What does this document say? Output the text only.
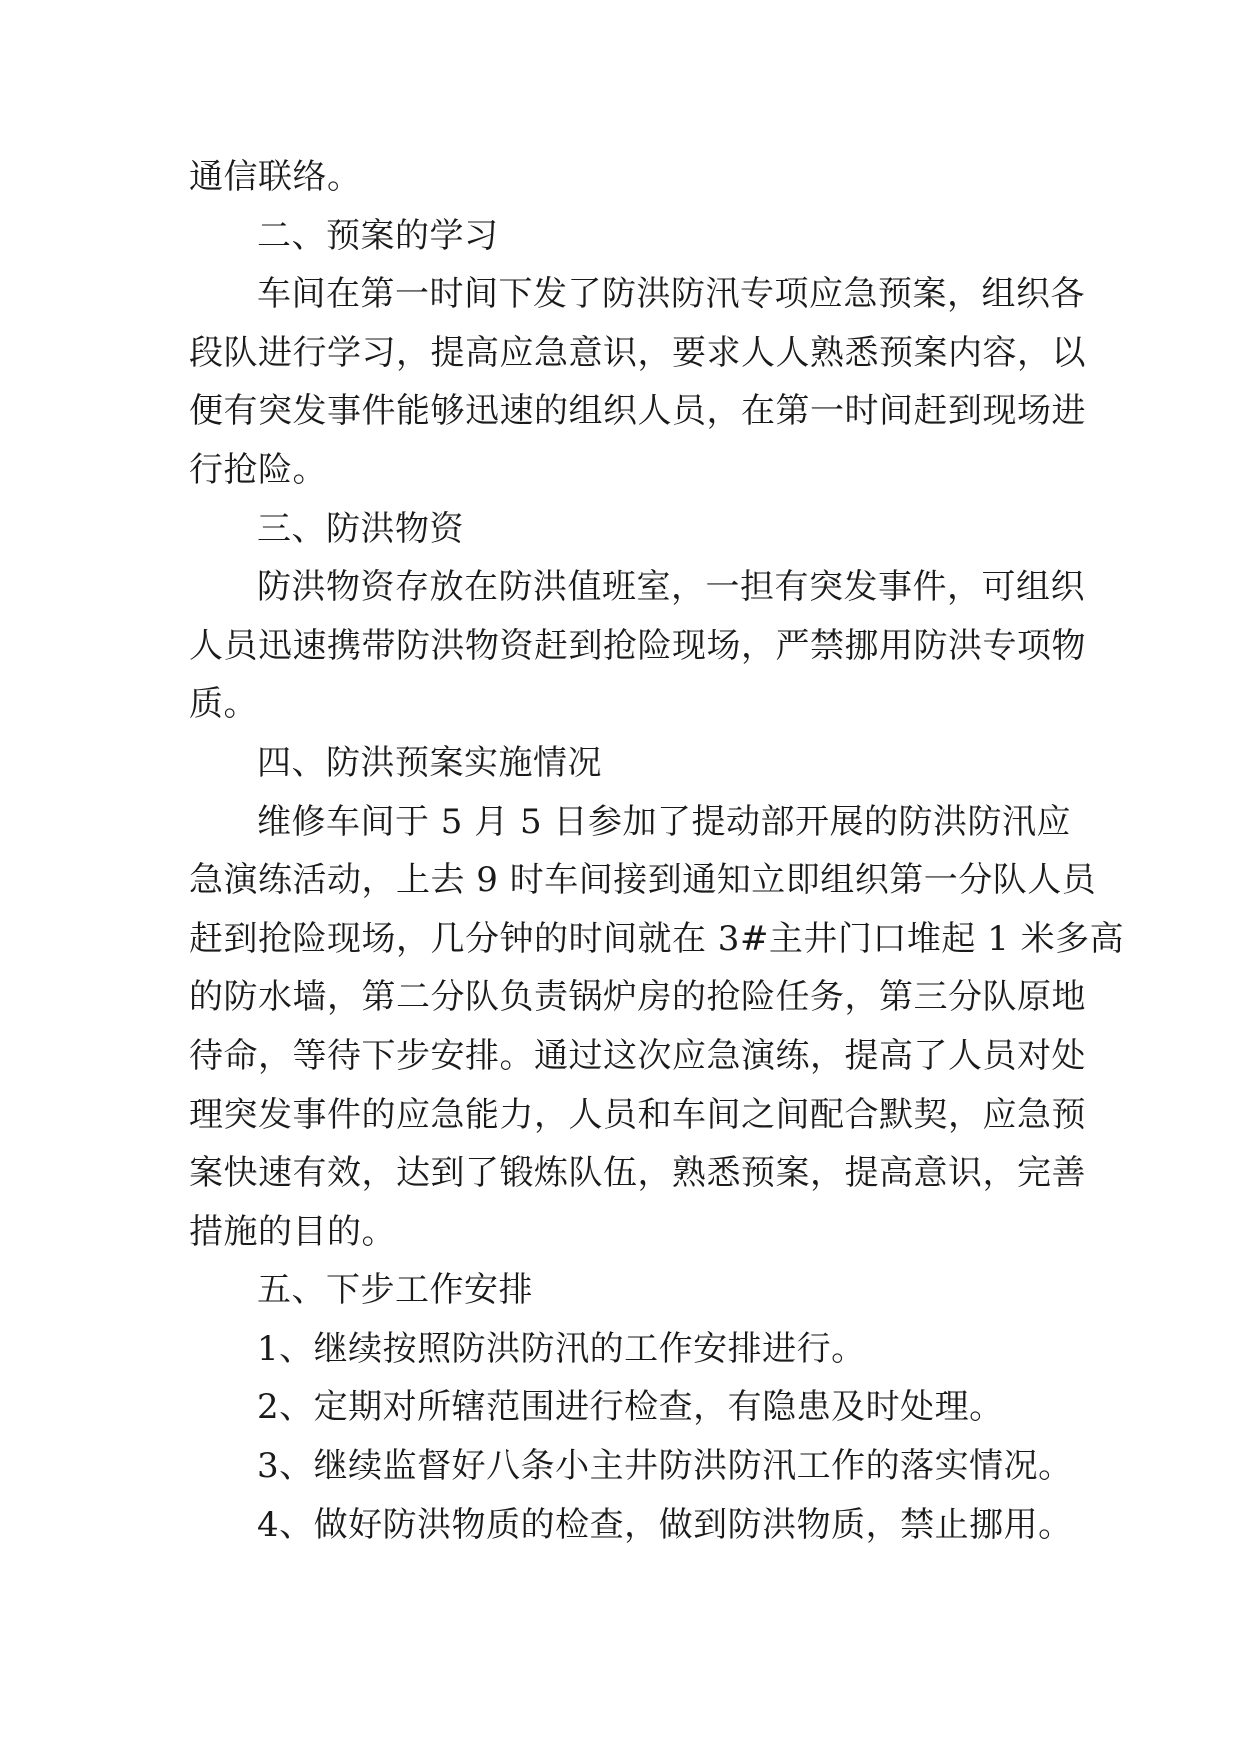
通信联络。
二、预案的学习
车间在第一时间下发了防洪防汛专项应急预案，组织各
段队进行学习，提高应急意识，要求人人熟悉预案内容，以
便有突发事件能够迅速的组织人员，在第一时间赶到现场进
行抢险。
三、防洪物资
防洪物资存放在防洪值班室，一担有突发事件，可组织
人员迅速携带防洪物资赶到抢险现场，严禁挪用防洪专项物
质。
四、防洪预案实施情况
维修车间于 5 月 5 日参加了提动部开展的防洪防汛应
急演练活动，上去 9 时车间接到通知立即组织第一分队人员
赶到抢险现场，几分钟的时间就在 3#主井门口堆起 1 米多高
的防水墙，第二分队负责锅炉房的抢险任务，第三分队原地
待命，等待下步安排。通过这次应急演练，提高了人员对处
理突发事件的应急能力，人员和车间之间配合默契，应急预
案快速有效，达到了锻炼队伍，熟悉预案，提高意识，完善
措施的目的。
五、下步工作安排
1、继续按照防洪防汛的工作安排进行。
2、定期对所辖范围进行检查，有隐患及时处理。
3、继续监督好八条小主井防洪防汛工作的落实情况。
4、做好防洪物质的检查，做到防洪物质，禁止挪用。
